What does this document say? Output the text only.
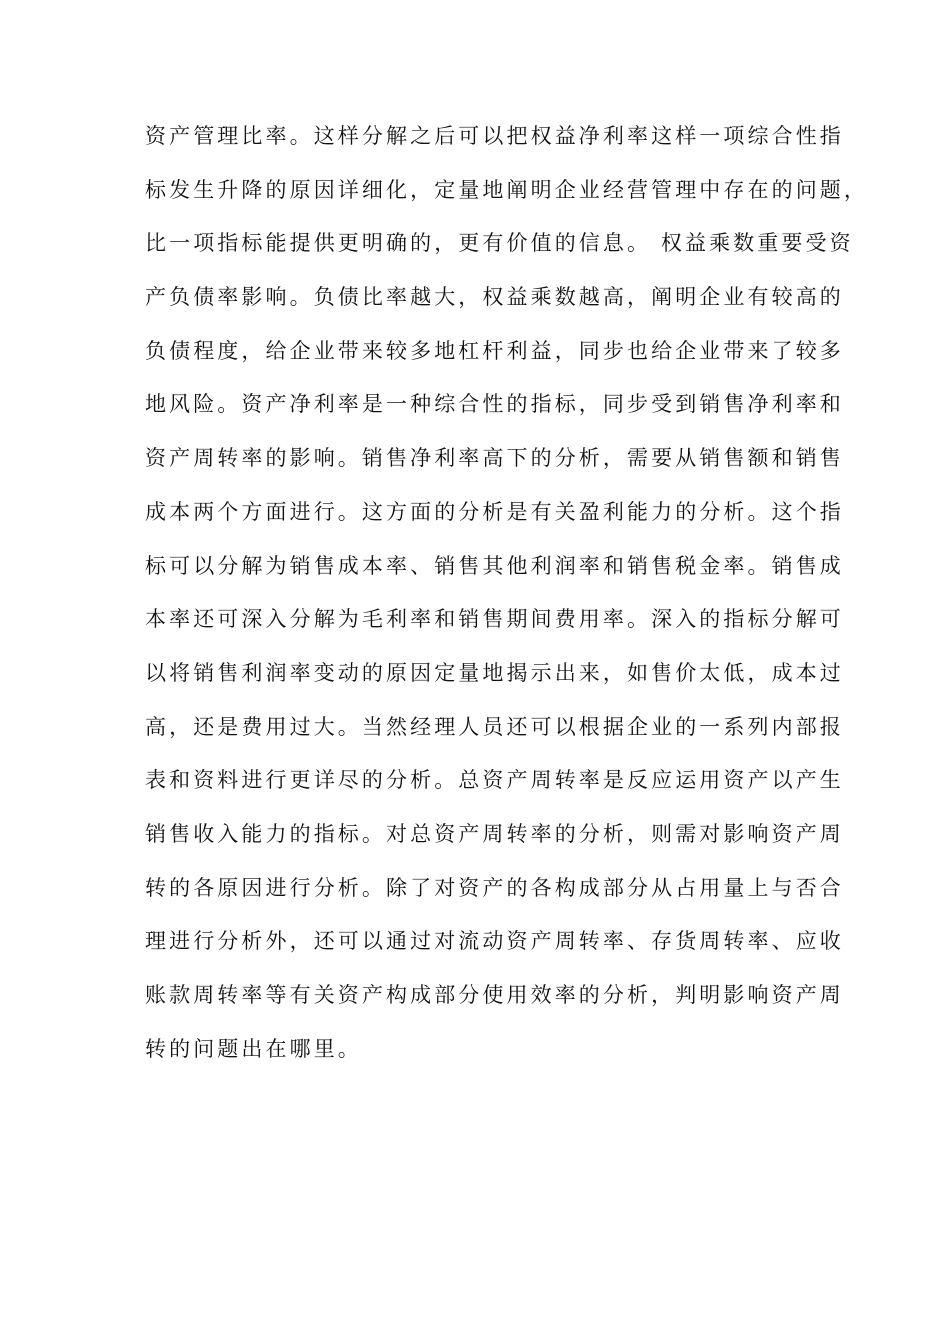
资产管理比率。这样分解之后可以把权益净利率这样一项综合性指
标发生升降的原因详细化，定量地阐明企业经营管理中存在的问题，
比一项指标能提供更明确的，更有价值的信息。 权益乘数重要受资
产负债率影响。负债比率越大，权益乘数越高，阐明企业有较高的
负债程度，给企业带来较多地杠杆利益，同步也给企业带来了较多
地风险。资产净利率是一种综合性的指标，同步受到销售净利率和
资产周转率的影响。销售净利率高下的分析，需要从销售额和销售
成本两个方面进行。这方面的分析是有关盈利能力的分析。这个指
标可以分解为销售成本率、销售其他利润率和销售税金率。销售成
本率还可深入分解为毛利率和销售期间费用率。深入的指标分解可
以将销售利润率变动的原因定量地揭示出来，如售价太低，成本过
高，还是费用过大。当然经理人员还可以根据企业的一系列内部报
表和资料进行更详尽的分析。总资产周转率是反应运用资产以产生
销售收入能力的指标。对总资产周转率的分析，则需对影响资产周
转的各原因进行分析。除了对资产的各构成部分从占用量上与否合
理进行分析外，还可以通过对流动资产周转率、存货周转率、应收
账款周转率等有关资产构成部分使用效率的分析，判明影响资产周
转的问题出在哪里。
